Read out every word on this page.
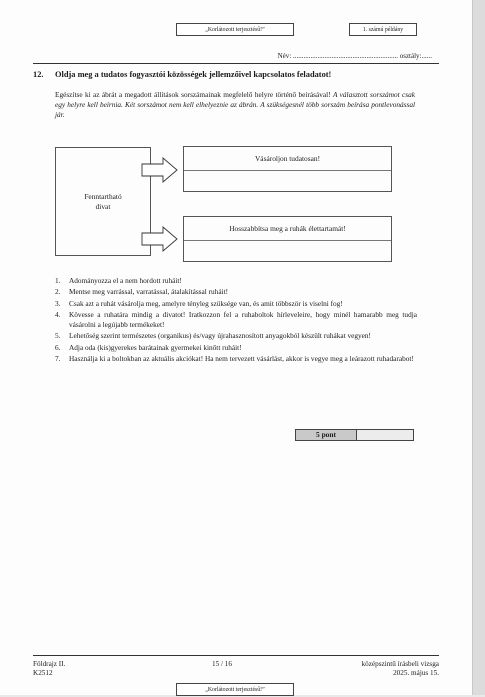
„Korlátozott terjesztésű!”	1. számú példány
Név: ............................................................ osztály:......
12. Oldja meg a tudatos fogyasztói közösségek jellemzőivel kapcsolatos feladatot!
Egészítse ki az ábrát a megadott állítások sorszámainak megfelelő helyre történő beírásával! A választott sorszámot csak egy helyre kell beírnia. Két sorszámot nem kell elhelyeznie az ábrán. A szükségesnél több sorszám beírása pontlevonással jár.
Fenntartható
divat
Vásároljon tudatosan!
Hosszabbítsa meg a ruhák élettartamát!
1.	Adományozza el a nem hordott ruháit!
2.	Mentse meg varrással, varratással, átalakítással ruháit!
3.	Csak azt a ruhát vásárolja meg, amelyre tényleg szüksége van, és amit többször is viselni fog!
4.	Kövesse a ruhatára mindig a divatot! Iratkozzon fel a ruhaboltok hírleveleire, hogy minél hamarabb meg tudja vásárolni a legújabb termékeket!
5.	Lehetőség szerint természetes (organikus) és/vagy újrahasznosított anyagokból készült ruhákat vegyen!
6.	Adja oda (kis)gyerekes barátainak gyermekei kinőtt ruháit!
7.	Használja ki a boltokban az aktuális akciókat! Ha nem tervezett vásárlást, akkor is vegye meg a leárazott ruhadarabot!
5 pont
Földrajz II.
K2512
15 / 16	középszintű írásbeli vizsga
2025. május 15.
„Korlátozott terjesztésű!”
